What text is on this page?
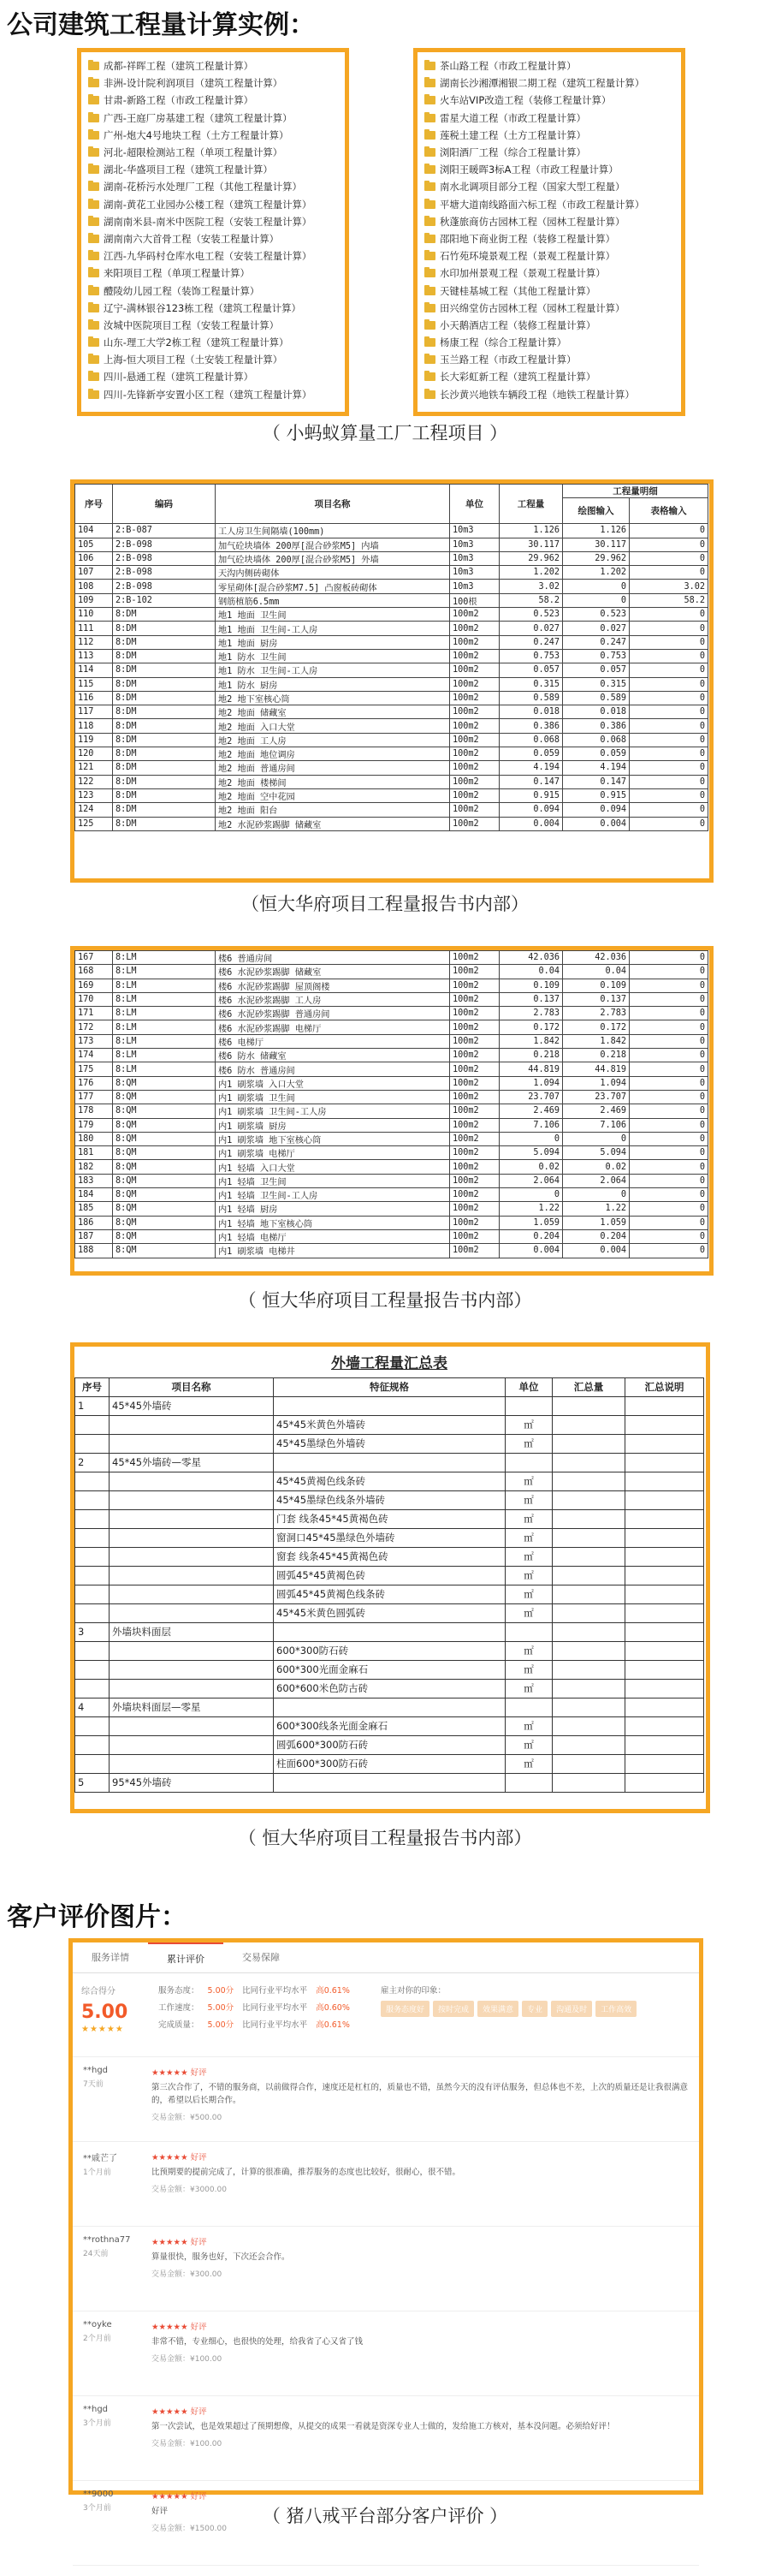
公司建筑工程量计算实例：
成都-祥晖工程（建筑工程量计算）
非洲-设计院利润项目（建筑工程量计算）
甘肃-新路工程（市政工程量计算）
广西-王庭厂房基建工程（建筑工程量计算）
广州-炮大4号地块工程（土方工程量计算）
河北-超限检测站工程（单项工程量计算）
湖北-华盛项目工程（建筑工程量计算）
湖南-花桥污水处理厂工程（其他工程量计算）
湖南-黄花工业园办公楼工程（建筑工程量计算）
湖南南米县-南米中医院工程（安装工程量计算）
湖南南六大首骨工程（安装工程量计算）
江西-九华码村仓库水电工程（安装工程量计算）
来阳项目工程（单项工程量计算）
醴陵幼儿园工程（装饰工程量计算）
辽宁-满林银谷123栋工程（建筑工程量计算）
汝城中医院项目工程（安装工程量计算）
山东-理工大学2栋工程（建筑工程量计算）
上海-恒大项目工程（土安装工程量计算）
四川-悬通工程（建筑工程量计算）
四川-先锋新亭安置小区工程（建筑工程量计算）
茶山路工程（市政工程量计算）
湖南长沙湘潭湘银二期工程（建筑工程量计算）
火车站VIP改造工程（装修工程量计算）
雷星大道工程（市政工程量计算）
莲税土建工程（土方工程量计算）
浏阳酒厂工程（综合工程量计算）
浏阳王暖晖3标A工程（市政工程量计算）
南水北调项目部分工程（国家大型工程量）
平塘大道南线路面六标工程（市政工程量计算）
秋蓬旅商仿古园林工程（园林工程量计算）
邵阳地下商业街工程（装修工程量计算）
石竹苑环境景观工程（景观工程量计算）
水印加州景观工程（景观工程量计算）
天键桂基城工程（其他工程量计算）
田兴绵堂仿古园林工程（园林工程量计算）
小天鹅酒店工程（装修工程量计算）
杨康工程（综合工程量计算）
玉兰路工程（市政工程量计算）
长大彩虹新工程（建筑工程量计算）
长沙黄兴地铁车辆段工程（地铁工程量计算）
（ 小蚂蚁算量工厂工程项目 ）
序号	编码	项目名称	单位	工程量	工程量明细	
					绘图输入	表格输入
104	2:B-087	工人房卫生间隔墙(100mm)	10m3	1.126	1.126	0
105	2:B-098	加气砼块墙体 200厚[混合砂浆M5] 内墙	10m3	30.117	30.117	0
106	2:B-098	加气砼块墙体 200厚[混合砂浆M5] 外墙	10m3	29.962	29.962	0
107	2:B-098	天沟内侧砖砌体	10m3	1.202	1.202	0
108	2:B-098	零星砌体[混合砂浆M7.5] 凸窗板砖砌体	10m3	3.02	0	3.02
109	2:B-102	钢筋植筋6.5mm	100根	58.2	0	58.2
110	8:DM	地1 地面 卫生间	100m2	0.523	0.523	0
111	8:DM	地1 地面 卫生间-工人房	100m2	0.027	0.027	0
112	8:DM	地1 地面 厨房	100m2	0.247	0.247	0
113	8:DM	地1 防水 卫生间	100m2	0.753	0.753	0
114	8:DM	地1 防水 卫生间-工人房	100m2	0.057	0.057	0
115	8:DM	地1 防水 厨房	100m2	0.315	0.315	0
116	8:DM	地2 地下室核心筒	100m2	0.589	0.589	0
117	8:DM	地2 地面 储藏室	100m2	0.018	0.018	0
118	8:DM	地2 地面 入口大堂	100m2	0.386	0.386	0
119	8:DM	地2 地面 工人房	100m2	0.068	0.068	0
120	8:DM	地2 地面 地位调房	100m2	0.059	0.059	0
121	8:DM	地2 地面 普通房间	100m2	4.194	4.194	0
122	8:DM	地2 地面 楼梯间	100m2	0.147	0.147	0
123	8:DM	地2 地面 空中花园	100m2	0.915	0.915	0
124	8:DM	地2 地面 阳台	100m2	0.094	0.094	0
125	8:DM	地2 水泥砂浆踢脚 储藏室	100m2	0.004	0.004	0
（恒大华府项目工程量报告书内部）
167	8:LM	楼6 普通房间	100m2	42.036	42.036	0
168	8:LM	楼6 水泥砂浆踢脚 储藏室	100m2	0.04	0.04	0
169	8:LM	楼6 水泥砂浆踢脚 屋顶阁楼	100m2	0.109	0.109	0
170	8:LM	楼6 水泥砂浆踢脚 工人房	100m2	0.137	0.137	0
171	8:LM	楼6 水泥砂浆踢脚 普通房间	100m2	2.783	2.783	0
172	8:LM	楼6 水泥砂浆踢脚 电梯厅	100m2	0.172	0.172	0
173	8:LM	楼6 电梯厅	100m2	1.842	1.842	0
174	8:LM	楼6 防水 储藏室	100m2	0.218	0.218	0
175	8:LM	楼6 防水 普通房间	100m2	44.819	44.819	0
176	8:QM	内1 刷浆墙 入口大堂	100m2	1.094	1.094	0
177	8:QM	内1 刷浆墙 卫生间	100m2	23.707	23.707	0
178	8:QM	内1 刷浆墙 卫生间-工人房	100m2	2.469	2.469	0
179	8:QM	内1 刷浆墙 厨房	100m2	7.106	7.106	0
180	8:QM	内1 刷浆墙 地下室核心筒	100m2	0	0	0
181	8:QM	内1 刷浆墙 电梯厅	100m2	5.094	5.094	0
182	8:QM	内1 轻墙 入口大堂	100m2	0.02	0.02	0
183	8:QM	内1 轻墙 卫生间	100m2	2.064	2.064	0
184	8:QM	内1 轻墙 卫生间-工人房	100m2	0	0	0
185	8:QM	内1 轻墙 厨房	100m2	1.22	1.22	0
186	8:QM	内1 轻墙 地下室核心筒	100m2	1.059	1.059	0
187	8:QM	内1 轻墙 电梯厅	100m2	0.204	0.204	0
188	8:QM	内1 刷浆墙 电梯井	100m2	0.004	0.004	0
（ 恒大华府项目工程量报告书内部）
外墙工程量汇总表					
序号	项目名称	特征规格	单位	汇总量	汇总说明
1	45*45外墙砖				
		45*45米黄色外墙砖	㎡		
		45*45墨绿色外墙砖	㎡		
2	45*45外墙砖—零星				
		45*45黄褐色线条砖	㎡		
		45*45墨绿色线条外墙砖	㎡		
		门套 线条45*45黄褐色砖	㎡		
		窗洞口45*45墨绿色外墙砖	㎡		
		窗套 线条45*45黄褐色砖	㎡		
		圆弧45*45黄褐色砖	㎡		
		圆弧45*45黄褐色线条砖	㎡		
		45*45米黄色圆弧砖	㎡		
3	外墙块料面层				
		600*300防石砖	㎡		
		600*300光面金麻石	㎡		
		600*600米色防古砖	㎡		
4	外墙块料面层—零星				
		600*300线条光面金麻石	㎡		
		圆弧600*300防石砖	㎡		
		柱面600*300防石砖	㎡		
5	95*45外墙砖				
（ 恒大华府项目工程量报告书内部）
客户评价图片：
服务详情	累计评价	交易保障
综合得分
5.00
★★★★★
服务态度： 5.00分 比同行业平均水平 高0.61%
工作速度： 5.00分 比同行业平均水平 高0.60%
完成质量： 5.00分 比同行业平均水平 高0.61%
雇主对你的印象：
服务态度好 按时完成 效果满意 专业 沟通及时 工作高效
**hgd
7天前
★★★★★ 好评
第三次合作了，不错的服务商，以前做得合作，速度还是杠杠的，质量也不错，虽然今天的没有评估服务，但总体也不差，上次的质量还是让我很满意的，希望以后长期合作。
交易金额：¥500.00
**戚芒了
1个月前
★★★★★ 好评
比预期要的提前完成了，计算的很准确，推荐服务的态度也比较好，很耐心，很不错。
交易金额：¥3000.00
**rothna77
24天前
★★★★★ 好评
算量很快，服务也好，下次还会合作。
交易金额：¥300.00
**oyke
2个月前
★★★★★ 好评
非常不错，专业细心，也很快的处理，给我省了心又省了钱
交易金额：¥100.00
**hgd
3个月前
★★★★★ 好评
第一次尝试，也是效果超过了预期想像，从提交的成果一看就是资深专业人士做的，发给施工方核对，基本没问题。必须给好评！
交易金额：¥100.00
**9000
3个月前
★★★★★ 好评
好评
交易金额：¥1500.00
（ 猪八戒平台部分客户评价 ）
